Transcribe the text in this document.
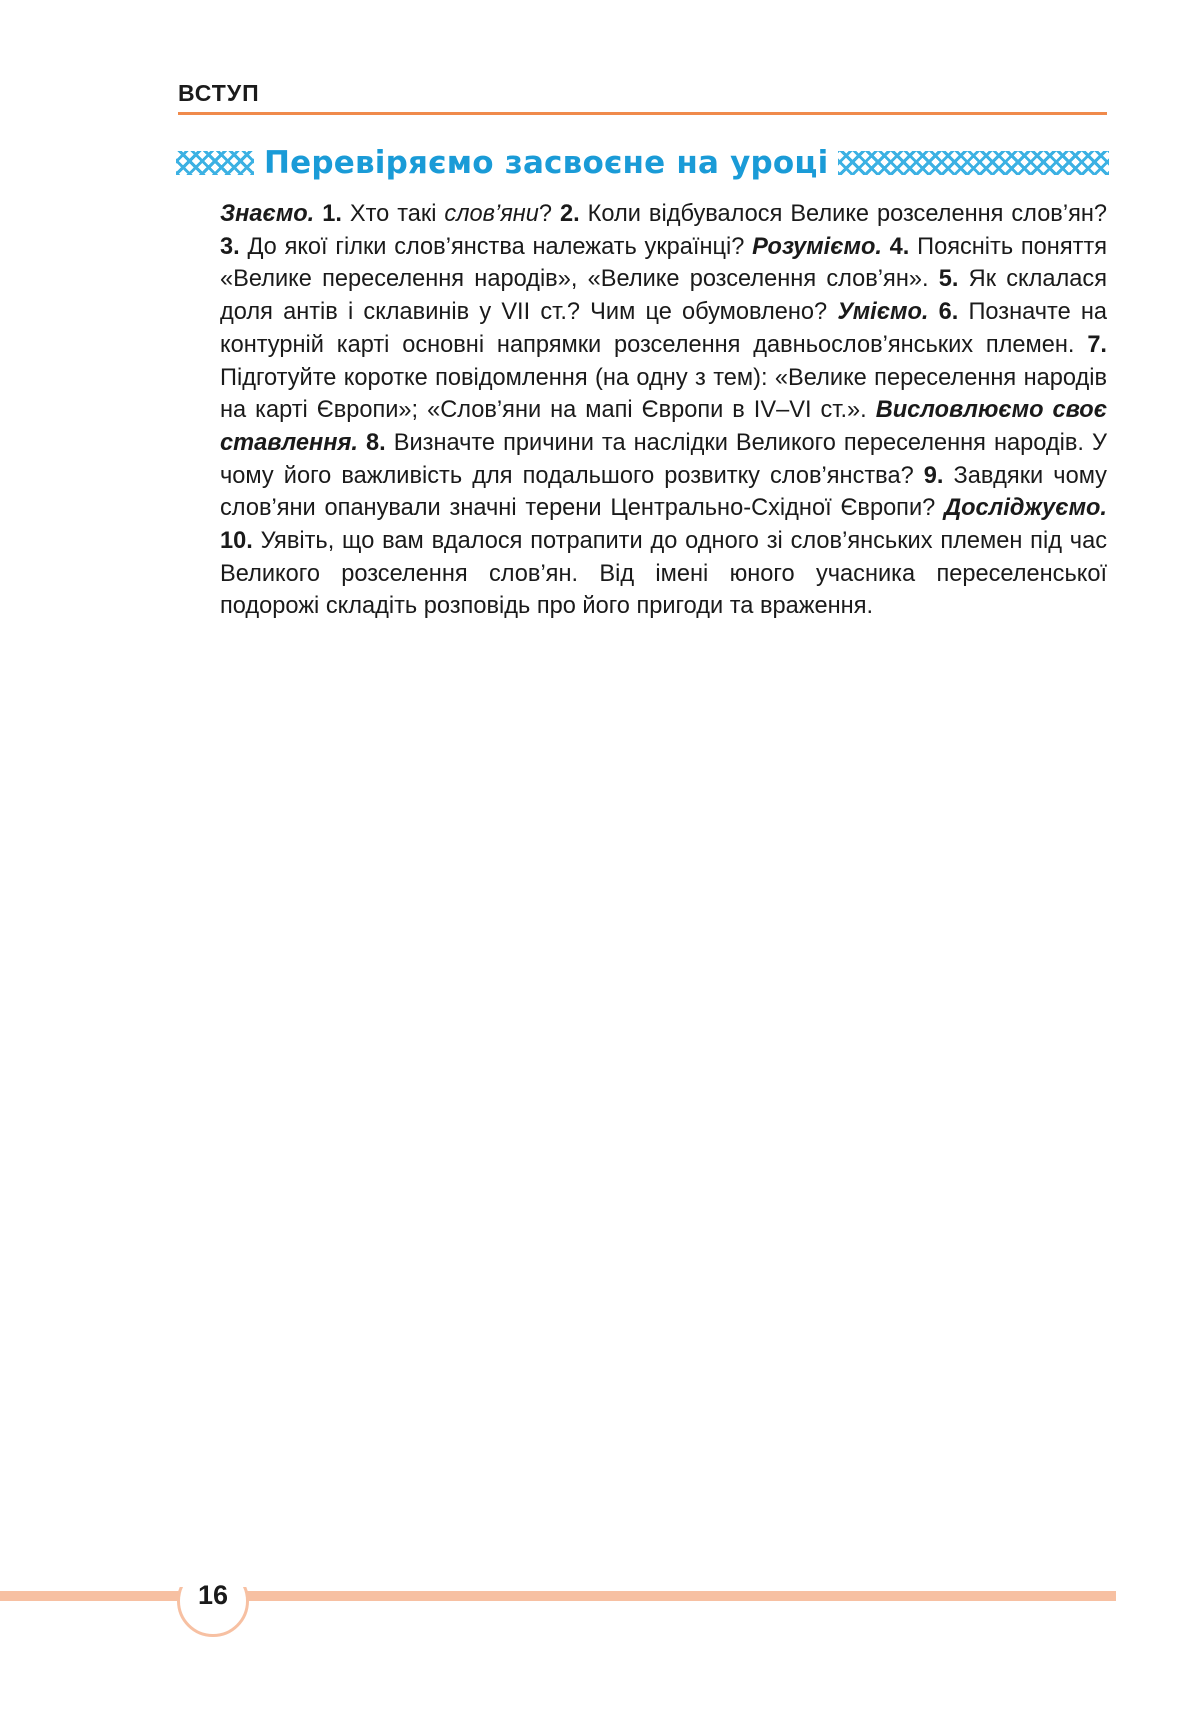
ВСТУП
Перевіряємо засвоєне на уроці
Знаємо. 1. Хто такі слов’яни? 2. Коли відбувалося Велике розселення слов’ян? 3. До якої гілки слов’янства належать українці? Розуміємо. 4. Поясніть поняття «Велике переселення народів», «Велике розселення слов’ян». 5. Як склалася доля антів і склавинів у VII ст.? Чим це обумовлено? Уміємо. 6. Позначте на контурній карті основні напрямки розселення давньослов’янських племен. 7. Підготуйте коротке повідомлення (на одну з тем): «Велике переселення народів на карті Європи»; «Слов’яни на мапі Європи в IV–VI ст.». Висловлюємо своє ставлення. 8. Визначте причини та наслідки Великого переселення народів. У чому його важливість для подальшого розвитку слов’янства? 9. Завдяки чому слов’яни опанували значні терени Центрально-Східної Європи? Досліджуємо. 10. Уявіть, що вам вдалося потрапити до одного зі слов’янських племен під час Великого розселення слов’ян. Від імені юного учасника переселенської подорожі складіть розповідь про його пригоди та враження.
16
